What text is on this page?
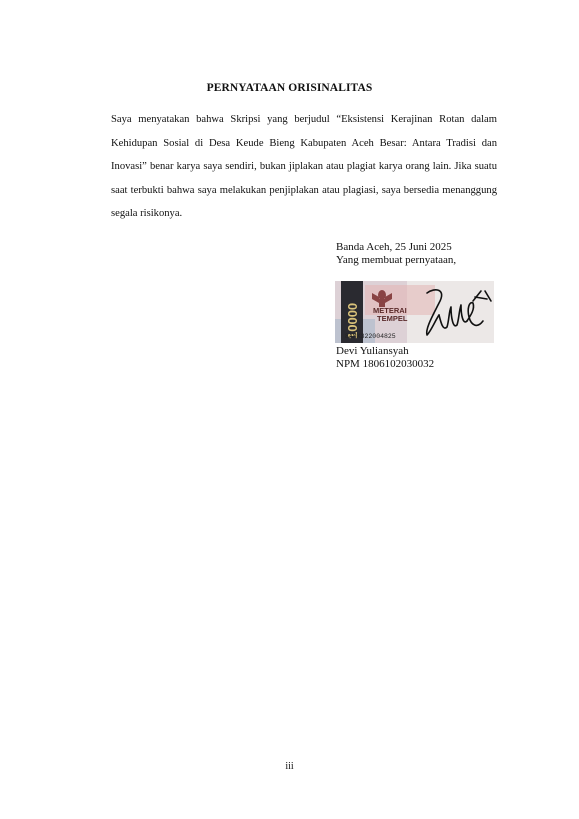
PERNYATAAN ORISINALITAS
Saya menyatakan bahwa Skripsi yang berjudul “Eksistensi Kerajinan Rotan dalam Kehidupan Sosial di Desa Keude Bieng Kabupaten Aceh Besar: Antara Tradisi dan Inovasi” benar karya saya sendiri, bukan jiplakan atau plagiat karya orang lain. Jika suatu saat terbukti bahwa saya melakukan penjiplakan atau plagiasi, saya bersedia menanggung segala risikonya.
Banda Aceh, 25 Juni 2025
Yang membuat pernyataan,
10000 METERAI
TEMPEL
8AMX322004825
Devi Yuliansyah
NPM 1806102030032
iii
